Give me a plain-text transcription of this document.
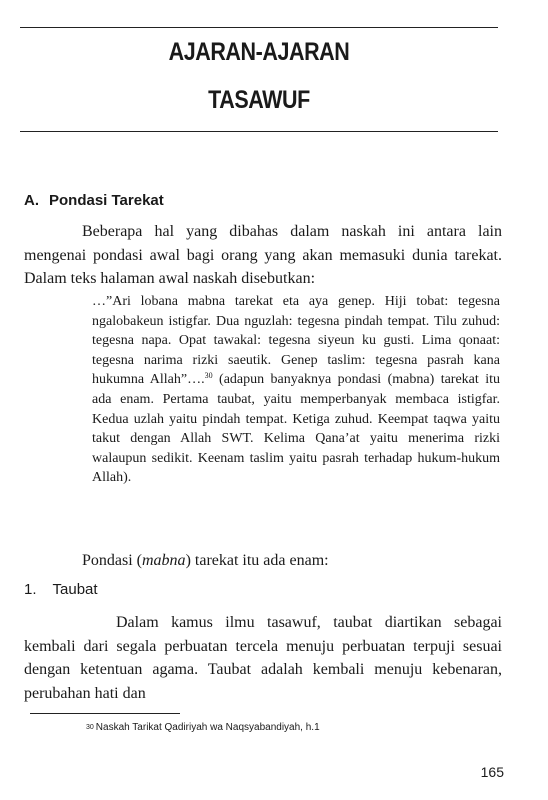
AJARAN-AJARAN
TASAWUF
A. Pondasi Tarekat

Beberapa hal yang dibahas dalam naskah ini antara lain mengenai pondasi awal bagi orang yang akan memasuki dunia tarekat. Dalam teks halaman awal naskah disebutkan:

…”Ari lobana mabna tarekat eta aya genep. Hiji tobat: tegesna ngalobakeun istigfar. Dua nguzlah: tegesna pindah tempat. Tilu zuhud: tegesna napa. Opat tawakal: tegesna siyeun ku gusti. Lima qonaat: tegesna narima rizki saeutik. Genep taslim: tegesna pasrah kana hukumna Allah”….$^{30}$ (adapun banyaknya pondasi (mabna) tarekat itu ada enam. Pertama taubat, yaitu memperbanyak membaca istigfar. Kedua uzlah yaitu pindah tempat. Ketiga zuhud. Keempat taqwa yaitu takut dengan Allah SWT. Kelima Qana’at yaitu menerima rizki walaupun sedikit. Keenam taslim yaitu pasrah terhadap hukum-hukum Allah).

Pondasi (mabna) tarekat itu ada enam:

1. Taubat

Dalam kamus ilmu tasawuf, taubat diartikan sebagai kembali dari segala perbuatan tercela menuju perbuatan terpuji sesuai dengan ketentuan agama. Taubat adalah kembali menuju kebenaran, perubahan hati dan

$^{30}$ Naskah Tarikat Qadiriyah wa Naqsyabandiyah, h.1

165
